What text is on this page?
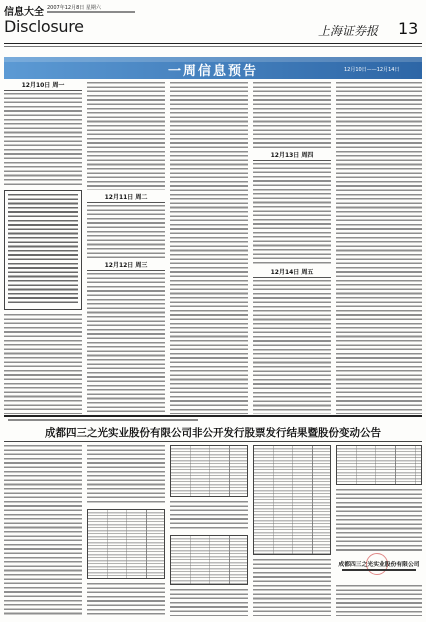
信息大全 2007年12月8日 星期六
Disclosure	上海证券报 13
一周信息预告	12月10日——12月14日
12月10日 周一
12月11日 周二
12月12日 周三
12月13日 周四
12月14日 周五
成都四三之光实业股份有限公司非公开发行股票发行结果暨股份变动公告
成都四三之光实业股份有限公司
